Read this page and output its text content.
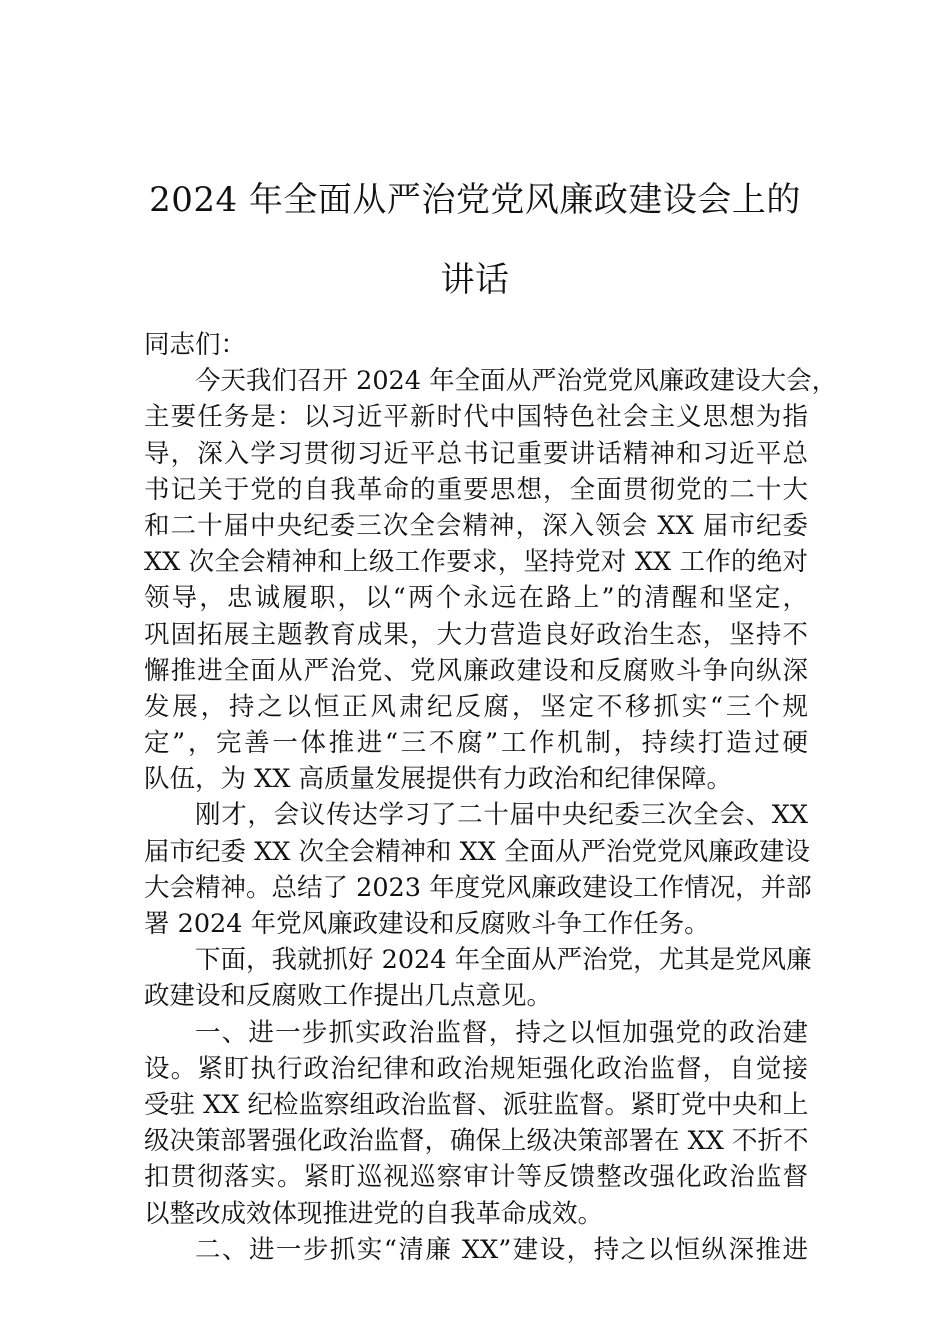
2024 年全面从严治党党风廉政建设会上的
讲话
同志们：
今天我们召开 2024 年全面从严治党党风廉政建设大会，
主要任务是：以习近平新时代中国特色社会主义思想为指
导，深入学习贯彻习近平总书记重要讲话精神和习近平总
书记关于党的自我革命的重要思想，全面贯彻党的二十大
和二十届中央纪委三次全会精神，深入领会 XX 届市纪委
XX 次全会精神和上级工作要求，坚持党对 XX 工作的绝对
领导，忠诚履职，以“两个永远在路上”的清醒和坚定，
巩固拓展主题教育成果，大力营造良好政治生态，坚持不
懈推进全面从严治党、党风廉政建设和反腐败斗争向纵深
发展，持之以恒正风肃纪反腐，坚定不移抓实“三个规
定”，完善一体推进“三不腐”工作机制，持续打造过硬
队伍，为 XX 高质量发展提供有力政治和纪律保障。
刚才，会议传达学习了二十届中央纪委三次全会、XX
届市纪委 XX 次全会精神和 XX 全面从严治党党风廉政建设
大会精神。总结了 2023 年度党风廉政建设工作情况，并部
署 2024 年党风廉政建设和反腐败斗争工作任务。
下面，我就抓好 2024 年全面从严治党，尤其是党风廉
政建设和反腐败工作提出几点意见。
一、进一步抓实政治监督，持之以恒加强党的政治建
设。紧盯执行政治纪律和政治规矩强化政治监督，自觉接
受驻 XX 纪检监察组政治监督、派驻监督。紧盯党中央和上
级决策部署强化政治监督，确保上级决策部署在 XX 不折不
扣贯彻落实。紧盯巡视巡察审计等反馈整改强化政治监督
以整改成效体现推进党的自我革命成效。
二、进一步抓实“清廉 XX”建设，持之以恒纵深推进
